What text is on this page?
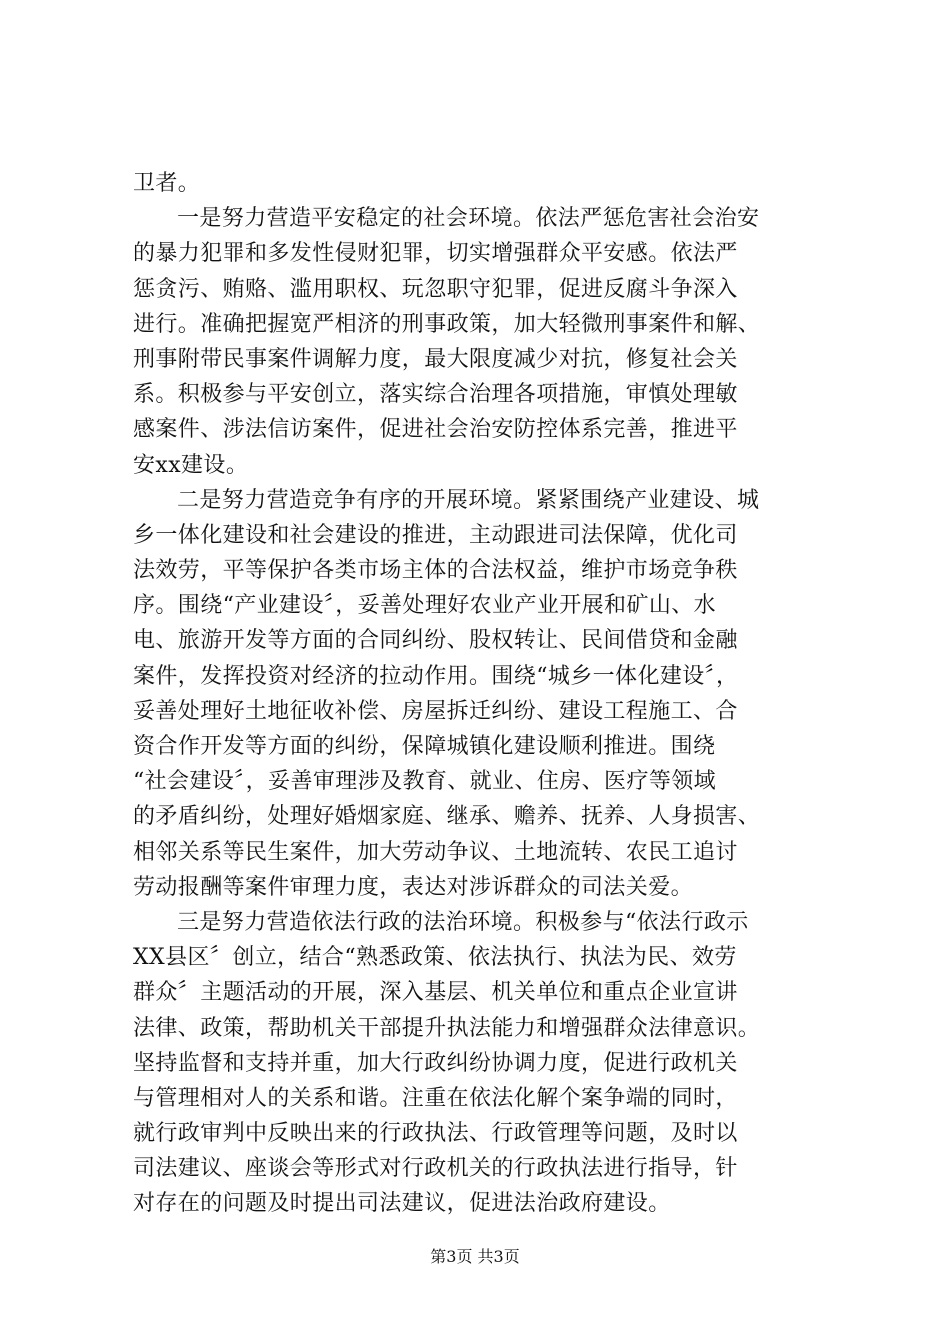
卫者。
一是努力营造平安稳定的社会环境。依法严惩危害社会治安
的暴力犯罪和多发性侵财犯罪，切实增强群众平安感。依法严
惩贪污、贿赂、滥用职权、玩忽职守犯罪，促进反腐斗争深入
进行。准确把握宽严相济的刑事政策，加大轻微刑事案件和解、
刑事附带民事案件调解力度，最大限度减少对抗，修复社会关
系。积极参与平安创立，落实综合治理各项措施，审慎处理敏
感案件、涉法信访案件，促进社会治安防控体系完善，推进平
安xx建设。
二是努力营造竞争有序的开展环境。紧紧围绕产业建设、城
乡一体化建设和社会建设的推进，主动跟进司法保障，优化司
法效劳，平等保护各类市场主体的合法权益，维护市场竞争秩
序。围绕“产业建设〞，妥善处理好农业产业开展和矿山、水
电、旅游开发等方面的合同纠纷、股权转让、民间借贷和金融
案件，发挥投资对经济的拉动作用。围绕“城乡一体化建设〞，
妥善处理好土地征收补偿、房屋拆迁纠纷、建设工程施工、合
资合作开发等方面的纠纷，保障城镇化建设顺利推进。围绕
“社会建设〞，妥善审理涉及教育、就业、住房、医疗等领域
的矛盾纠纷，处理好婚烟家庭、继承、赡养、抚养、人身损害、
相邻关系等民生案件，加大劳动争议、土地流转、农民工追讨
劳动报酬等案件审理力度，表达对涉诉群众的司法关爱。
三是努力营造依法行政的法治环境。积极参与“依法行政示
XX县区〞创立，结合“熟悉政策、依法执行、执法为民、效劳
群众〞主题活动的开展，深入基层、机关单位和重点企业宣讲
法律、政策，帮助机关干部提升执法能力和增强群众法律意识。
坚持监督和支持并重，加大行政纠纷协调力度，促进行政机关
与管理相对人的关系和谐。注重在依法化解个案争端的同时，
就行政审判中反映出来的行政执法、行政管理等问题，及时以
司法建议、座谈会等形式对行政机关的行政执法进行指导，针
对存在的问题及时提出司法建议，促进法治政府建设。
第3页 共3页
